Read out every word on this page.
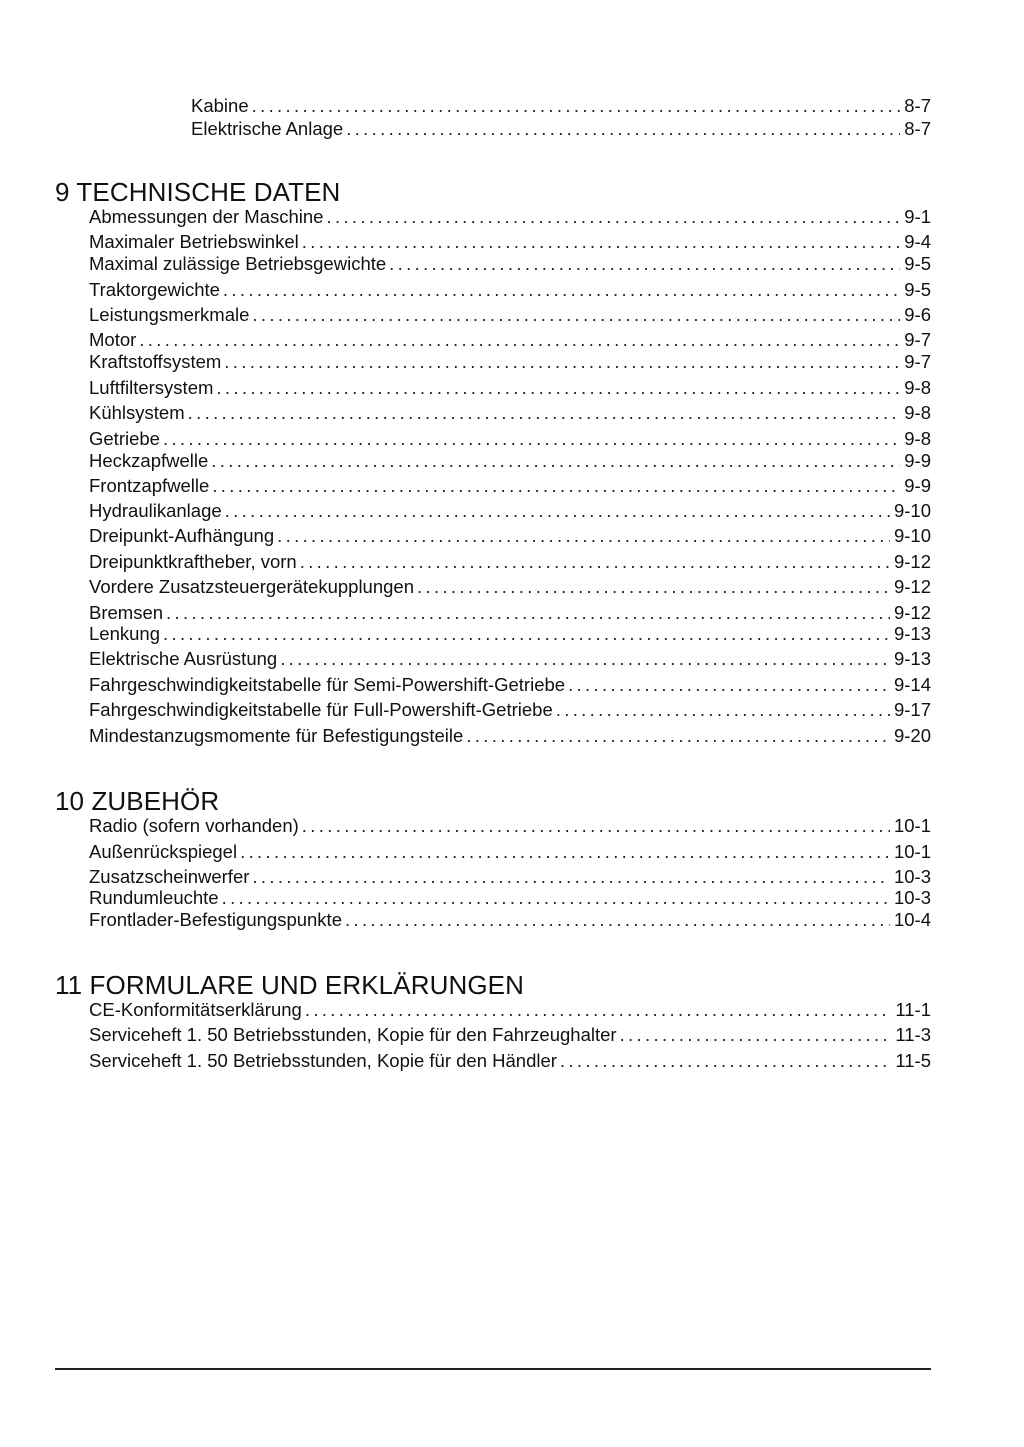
Kabine . . .	8-7
Elektrische Anlage . . .	8-7
9 TECHNISCHE DATEN
Abmessungen der Maschine . . .	9-1
Maximaler Betriebswinkel . . .	9-4
Maximal zulässige Betriebsgewichte . . .	9-5
Traktorgewichte . . .	9-5
Leistungsmerkmale . . .	9-6
Motor . . .	9-7
Kraftstoffsystem . . .	9-7
Luftfiltersystem . . .	9-8
Kühlsystem . . .	9-8
Getriebe . . .	9-8
Heckzapfwelle . . .	9-9
Frontzapfwelle . . .	9-9
Hydraulikanlage . . .	9-10
Dreipunkt-Aufhängung . . .	9-10
Dreipunktkraftheber, vorn . . .	9-12
Vordere Zusatzsteuergerätekupplungen . . .	9-12
Bremsen . . .	9-12
Lenkung . . .	9-13
Elektrische Ausrüstung . . .	9-13
Fahrgeschwindigkeitstabelle für Semi-Powershift-Getriebe . . .	9-14
Fahrgeschwindigkeitstabelle für Full-Powershift-Getriebe . . .	9-17
Mindestanzugsmomente für Befestigungsteile . . .	9-20
10 ZUBEHÖR
Radio (sofern vorhanden) . . .	10-1
Außenrückspiegel . . .	10-1
Zusatzscheinwerfer . . .	10-3
Rundumleuchte . . .	10-3
Frontlader-Befestigungspunkte . . .	10-4
11 FORMULARE UND ERKLÄRUNGEN
CE-Konformitätserklärung . . .	11-1
Serviceheft 1. 50 Betriebsstunden, Kopie für den Fahrzeughalter . . .	11-3
Serviceheft 1. 50 Betriebsstunden, Kopie für den Händler . . .	11-5
